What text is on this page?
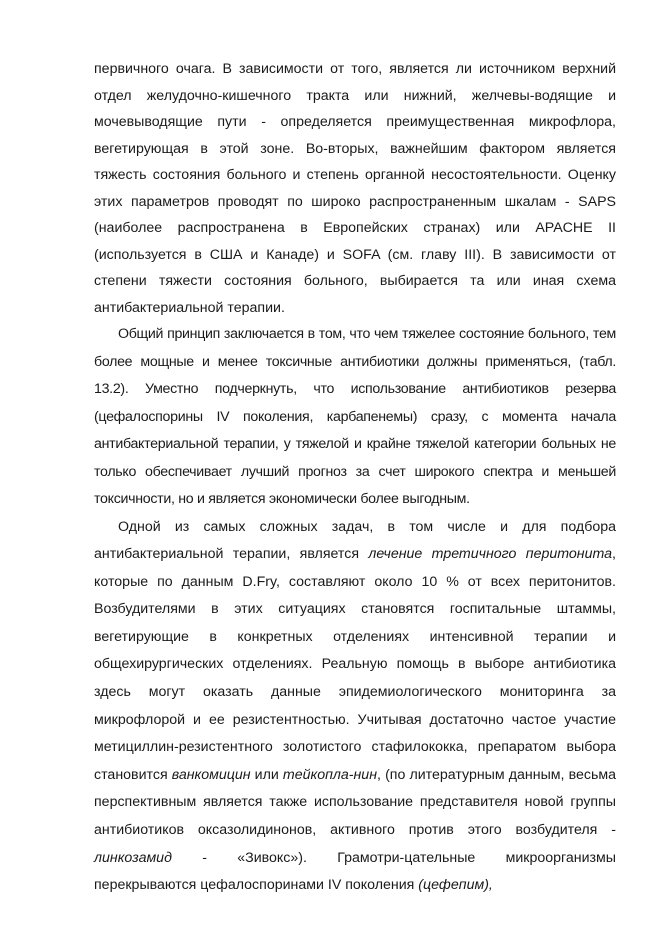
первичного очага. В зависимости от того, является ли источником верхний отдел желудочно-кишечного тракта или нижний, желчевы-водящие и мочевыводящие пути - определяется преимущественная микрофлора, вегетирующая в этой зоне. Во-вторых, важнейшим фактором является тяжесть состояния больного и степень органной несостоятельности. Оценку этих параметров проводят по широко распространенным шкалам - SAPS (наиболее распространена в Европейских странах) или APACHE II (используется в США и Канаде) и SOFA (см. главу III). В зависимости от степени тяжести состояния больного, выбирается та или иная схема антибактериальной терапии.

Общий принцип заключается в том, что чем тяжелее состояние больного, тем более мощные и менее токсичные антибиотики должны применяться, (табл. 13.2). Уместно подчеркнуть, что использование антибиотиков резерва (цефалоспорины IV поколения, карбапенемы) сразу, с момента начала антибактериальной терапии, у тяжелой и крайне тяжелой категории больных не только обеспечивает лучший прогноз за счет широкого спектра и меньшей токсичности, но и является экономически более выгодным.

Одной из самых сложных задач, в том числе и для подбора антибактериальной терапии, является лечение третичного перитонита, которые по данным D.Fry, составляют около 10 % от всех перитонитов. Возбудителями в этих ситуациях становятся госпитальные штаммы, вегетирующие в конкретных отделениях интенсивной терапии и общехирургических отделениях. Реальную помощь в выборе антибиотика здесь могут оказать данные эпидемиологического мониторинга за микрофлорой и ее резистентностью. Учитывая достаточно частое участие метициллин-резистентного золотистого стафилококка, препаратом выбора становится ванкомицин или тейкопла-нин, (по литературным данным, весьма перспективным является также использование представителя новой группы антибиотиков оксазолидинонов, активного против этого возбудителя - линкозамид - «Зивокс»). Грамотри-цательные микроорганизмы перекрываются цефалоспоринами IV поколения (цефепим),
